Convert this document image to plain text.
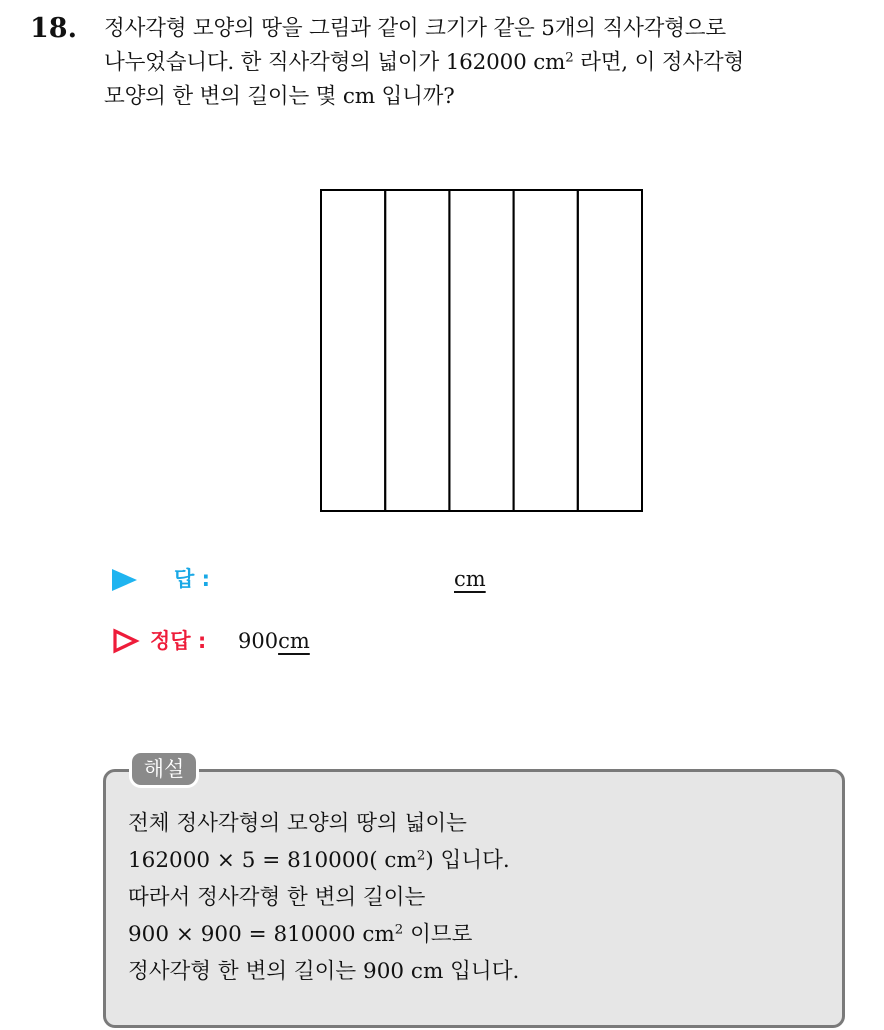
18. 정사각형 모양의 땅을 그림과 같이 크기가 같은 5개의 직사각형으로
나누었습니다. 한 직사각형의 넓이가 162000 $cm^2$ 라면, 이 정사각형
모양의 한 변의 길이는 몇 cm 입니까?
답 :	cm
정답 : 900cm
해설
전체 정사각형의 모양의 땅의 넓이는
162000 × 5 = 810000( $cm^2$) 입니다.
따라서 정사각형 한 변의 길이는
900 × 900 = 810000 $cm^2$ 이므로
정사각형 한 변의 길이는 900 cm 입니다.
